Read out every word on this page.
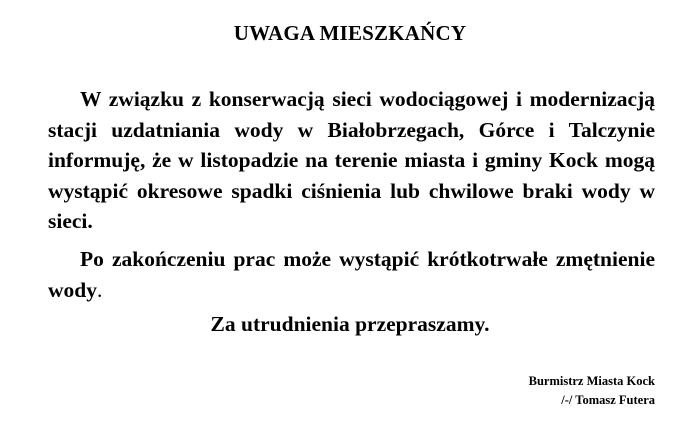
UWAGA MIESZKAŃCY
W związku z konserwacją sieci wodociągowej i modernizacją stacji uzdatniania wody w Białobrzegach, Górce i Talczynie informuję, że w listopadzie na terenie miasta i gminy Kock mogą wystąpić okresowe spadki ciśnienia lub chwilowe braki wody w sieci.
Po zakończeniu prac może wystąpić krótkotrwałe zmętnienie wody.
Za utrudnienia przepraszamy.
Burmistrz Miasta Kock
/-/ Tomasz Futera
